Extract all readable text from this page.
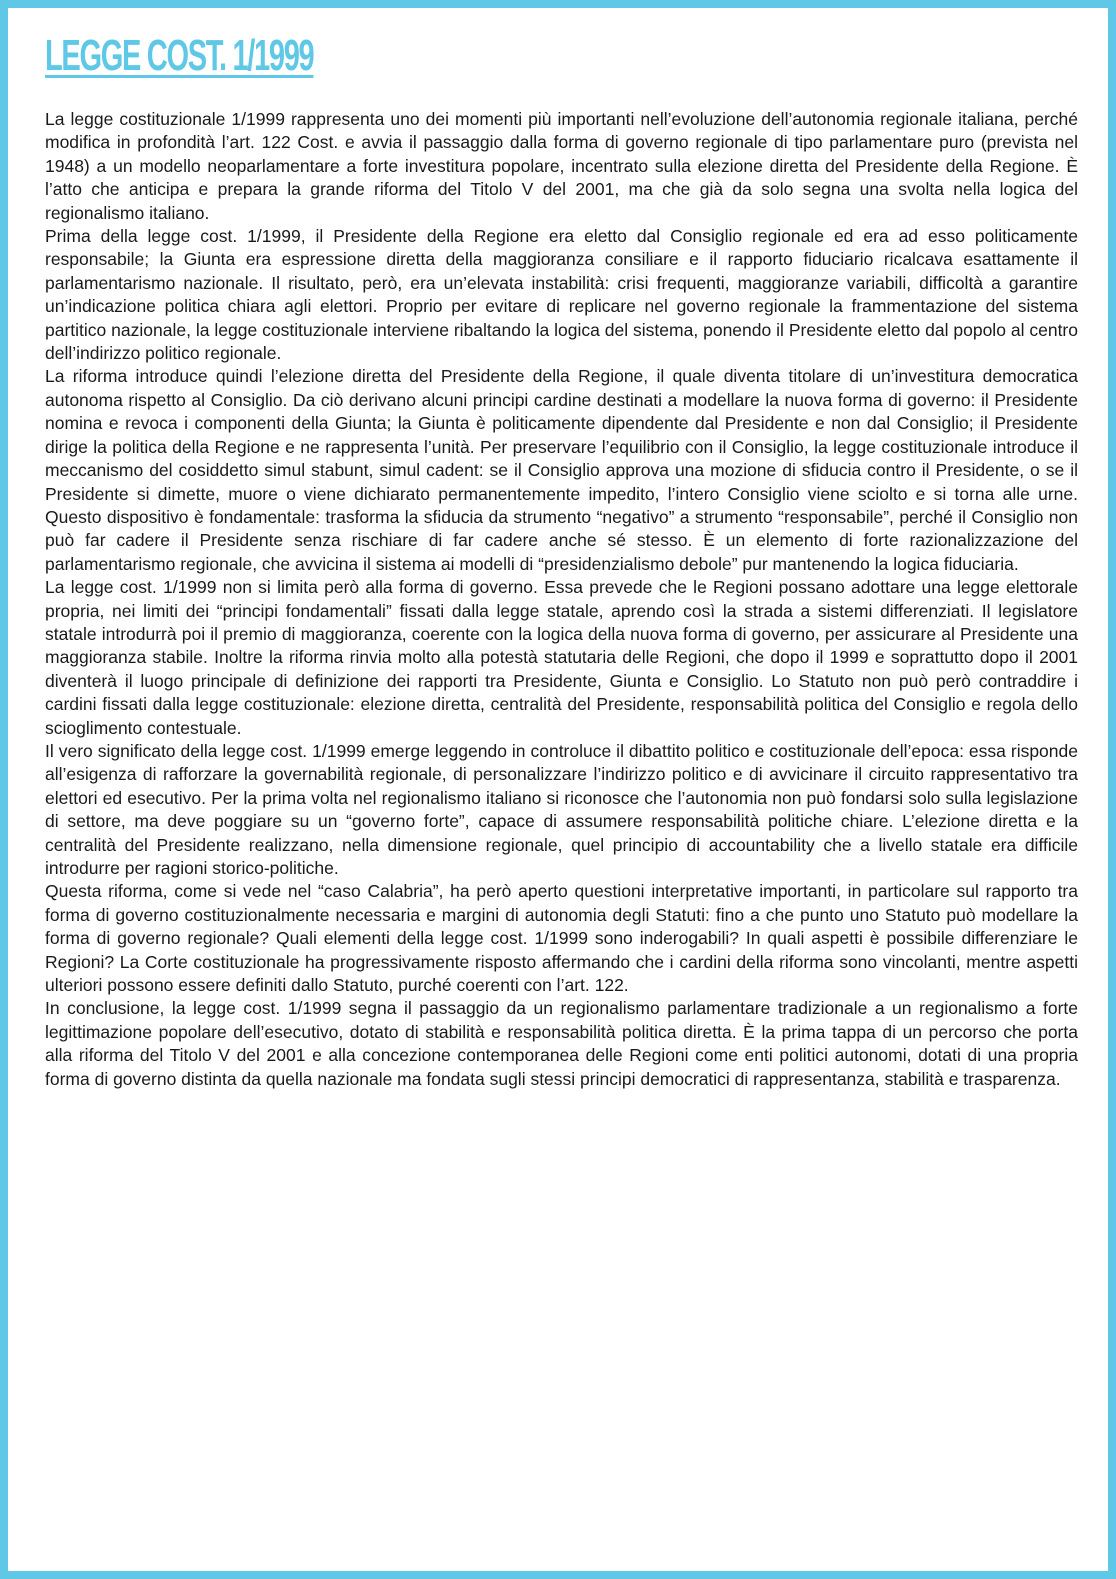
LEGGE COST. 1/1999

La legge costituzionale 1/1999 rappresenta uno dei momenti più importanti nell’evoluzione dell’autonomia regionale italiana, perché modifica in profondità l’art. 122 Cost. e avvia il passaggio dalla forma di governo regionale di tipo parlamentare puro (prevista nel 1948) a un modello neoparlamentare a forte investitura popolare, incentrato sulla elezione diretta del Presidente della Regione. È l’atto che anticipa e prepara la grande riforma del Titolo V del 2001, ma che già da solo segna una svolta nella logica del regionalismo italiano.

Prima della legge cost. 1/1999, il Presidente della Regione era eletto dal Consiglio regionale ed era ad esso politicamente responsabile; la Giunta era espressione diretta della maggioranza consiliare e il rapporto fiduciario ricalcava esattamente il parlamentarismo nazionale. Il risultato, però, era un’elevata instabilità: crisi frequenti, maggioranze variabili, difficoltà a garantire un’indicazione politica chiara agli elettori. Proprio per evitare di replicare nel governo regionale la frammentazione del sistema partitico nazionale, la legge costituzionale interviene ribaltando la logica del sistema, ponendo il Presidente eletto dal popolo al centro dell’indirizzo politico regionale.

La riforma introduce quindi l’elezione diretta del Presidente della Regione, il quale diventa titolare di un’investitura democratica autonoma rispetto al Consiglio. Da ciò derivano alcuni principi cardine destinati a modellare la nuova forma di governo: il Presidente nomina e revoca i componenti della Giunta; la Giunta è politicamente dipendente dal Presidente e non dal Consiglio; il Presidente dirige la politica della Regione e ne rappresenta l’unità. Per preservare l’equilibrio con il Consiglio, la legge costituzionale introduce il meccanismo del cosiddetto simul stabunt, simul cadent: se il Consiglio approva una mozione di sfiducia contro il Presidente, o se il Presidente si dimette, muore o viene dichiarato permanentemente impedito, l’intero Consiglio viene sciolto e si torna alle urne. Questo dispositivo è fondamentale: trasforma la sfiducia da strumento “negativo” a strumento “responsabile”, perché il Consiglio non può far cadere il Presidente senza rischiare di far cadere anche sé stesso. È un elemento di forte razionalizzazione del parlamentarismo regionale, che avvicina il sistema ai modelli di “presidenzialismo debole” pur mantenendo la logica fiduciaria.

La legge cost. 1/1999 non si limita però alla forma di governo. Essa prevede che le Regioni possano adottare una legge elettorale propria, nei limiti dei “principi fondamentali” fissati dalla legge statale, aprendo così la strada a sistemi differenziati. Il legislatore statale introdurrà poi il premio di maggioranza, coerente con la logica della nuova forma di governo, per assicurare al Presidente una maggioranza stabile. Inoltre la riforma rinvia molto alla potestà statutaria delle Regioni, che dopo il 1999 e soprattutto dopo il 2001 diventerà il luogo principale di definizione dei rapporti tra Presidente, Giunta e Consiglio. Lo Statuto non può però contraddire i cardini fissati dalla legge costituzionale: elezione diretta, centralità del Presidente, responsabilità politica del Consiglio e regola dello scioglimento contestuale.

Il vero significato della legge cost. 1/1999 emerge leggendo in controluce il dibattito politico e costituzionale dell’epoca: essa risponde all’esigenza di rafforzare la governabilità regionale, di personalizzare l’indirizzo politico e di avvicinare il circuito rappresentativo tra elettori ed esecutivo. Per la prima volta nel regionalismo italiano si riconosce che l’autonomia non può fondarsi solo sulla legislazione di settore, ma deve poggiare su un “governo forte”, capace di assumere responsabilità politiche chiare. L’elezione diretta e la centralità del Presidente realizzano, nella dimensione regionale, quel principio di accountability che a livello statale era difficile introdurre per ragioni storico-politiche.

Questa riforma, come si vede nel “caso Calabria”, ha però aperto questioni interpretative importanti, in particolare sul rapporto tra forma di governo costituzionalmente necessaria e margini di autonomia degli Statuti: fino a che punto uno Statuto può modellare la forma di governo regionale? Quali elementi della legge cost. 1/1999 sono inderogabili? In quali aspetti è possibile differenziare le Regioni? La Corte costituzionale ha progressivamente risposto affermando che i cardini della riforma sono vincolanti, mentre aspetti ulteriori possono essere definiti dallo Statuto, purché coerenti con l’art. 122.

In conclusione, la legge cost. 1/1999 segna il passaggio da un regionalismo parlamentare tradizionale a un regionalismo a forte legittimazione popolare dell’esecutivo, dotato di stabilità e responsabilità politica diretta. È la prima tappa di un percorso che porta alla riforma del Titolo V del 2001 e alla concezione contemporanea delle Regioni come enti politici autonomi, dotati di una propria forma di governo distinta da quella nazionale ma fondata sugli stessi principi democratici di rappresentanza, stabilità e trasparenza.
